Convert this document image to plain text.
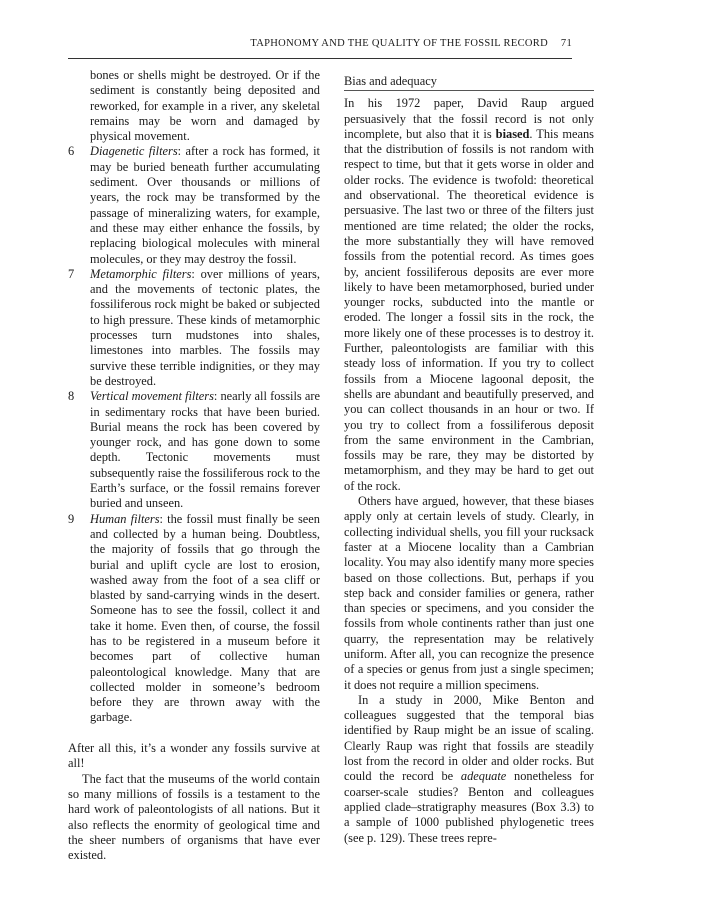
TAPHONOMY AND THE QUALITY OF THE FOSSIL RECORD 71

bones or shells might be destroyed. Or if the sediment is constantly being deposited and reworked, for example in a river, any skeletal remains may be worn and damaged by physical movement.

6	Diagenetic filters: after a rock has formed, it may be buried beneath further accumulating sediment. Over thousands or millions of years, the rock may be transformed by the passage of mineralizing waters, for example, and these may either enhance the fossils, by replacing biological molecules with mineral molecules, or they may destroy the fossil.
7	Metamorphic filters: over millions of years, and the movements of tectonic plates, the fossiliferous rock might be baked or subjected to high pressure. These kinds of metamorphic processes turn mudstones into shales, limestones into marbles. The fossils may survive these terrible indignities, or they may be destroyed.
8	Vertical movement filters: nearly all fossils are in sedimentary rocks that have been buried. Burial means the rock has been covered by younger rock, and has gone down to some depth. Tectonic movements must subsequently raise the fossiliferous rock to the Earth’s surface, or the fossil remains forever buried and unseen.
9	Human filters: the fossil must finally be seen and collected by a human being. Doubtless, the majority of fossils that go through the burial and uplift cycle are lost to erosion, washed away from the foot of a sea cliff or blasted by sand-carrying winds in the desert. Someone has to see the fossil, collect it and take it home. Even then, of course, the fossil has to be registered in a museum before it becomes part of collective human paleontological knowledge. Many that are collected molder in someone’s bedroom before they are thrown away with the garbage.

After all this, it’s a wonder any fossils survive at all!

The fact that the museums of the world contain so many millions of fossils is a testament to the hard work of paleontologists of all nations. But it also reflects the enormity of geological time and the sheer numbers of organisms that have ever existed.

Bias and adequacy

In his 1972 paper, David Raup argued persuasively that the fossil record is not only incomplete, but also that it is biased. This means that the distribution of fossils is not random with respect to time, but that it gets worse in older and older rocks. The evidence is twofold: theoretical and observational. The theoretical evidence is persuasive. The last two or three of the filters just mentioned are time related; the older the rocks, the more substantially they will have removed fossils from the potential record. As times goes by, ancient fossiliferous deposits are ever more likely to have been metamorphosed, buried under younger rocks, subducted into the mantle or eroded. The longer a fossil sits in the rock, the more likely one of these processes is to destroy it. Further, paleontologists are familiar with this steady loss of information. If you try to collect fossils from a Miocene lagoonal deposit, the shells are abundant and beautifully preserved, and you can collect thousands in an hour or two. If you try to collect from a fossiliferous deposit from the same environment in the Cambrian, fossils may be rare, they may be distorted by metamorphism, and they may be hard to get out of the rock.

Others have argued, however, that these biases apply only at certain levels of study. Clearly, in collecting individual shells, you fill your rucksack faster at a Miocene locality than a Cambrian locality. You may also identify many more species based on those collections. But, perhaps if you step back and consider families or genera, rather than species or specimens, and you consider the fossils from whole continents rather than just one quarry, the representation may be relatively uniform. After all, you can recognize the presence of a species or genus from just a single specimen; it does not require a million specimens.

In a study in 2000, Mike Benton and colleagues suggested that the temporal bias identified by Raup might be an issue of scaling. Clearly Raup was right that fossils are steadily lost from the record in older and older rocks. But could the record be adequate nonetheless for coarser-scale studies? Benton and colleagues applied clade–stratigraphy measures (Box 3.3) to a sample of 1000 published phylogenetic trees (see p. 129). These trees repre-
